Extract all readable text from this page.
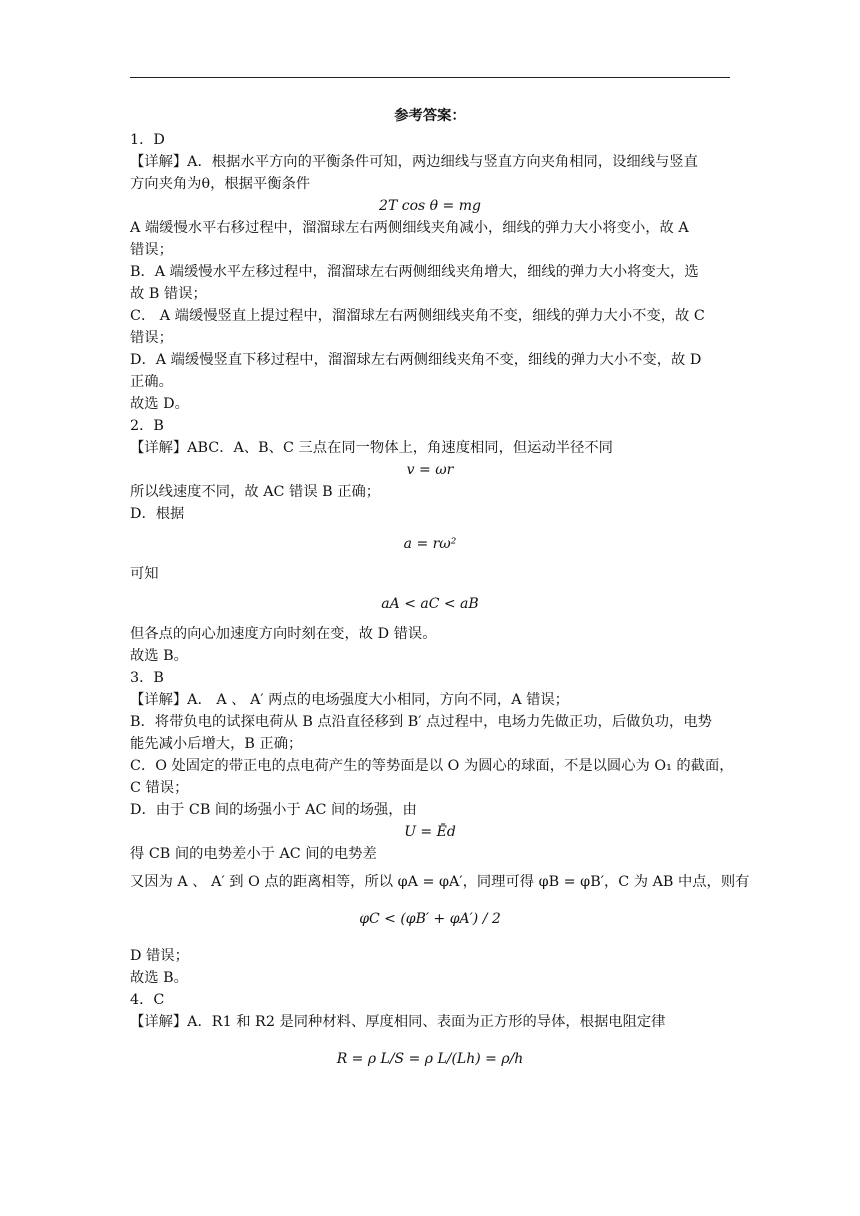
参考答案：
1．D
【详解】A．根据水平方向的平衡条件可知，两边细线与竖直方向夹角相同，设细线与竖直
方向夹角为θ，根据平衡条件
2T cos θ = mg
A 端缓慢水平右移过程中，溜溜球左右两侧细线夹角减小，细线的弹力大小将变小，故 A
错误；
B．A 端缓慢水平左移过程中，溜溜球左右两侧细线夹角增大，细线的弹力大小将变大，选
故 B 错误；
C． A 端缓慢竖直上提过程中，溜溜球左右两侧细线夹角不变，细线的弹力大小不变，故 C
错误；
D．A 端缓慢竖直下移过程中，溜溜球左右两侧细线夹角不变，细线的弹力大小不变，故 D
正确。
故选 D。
2．B
【详解】ABC．A、B、C 三点在同一物体上，角速度相同，但运动半径不同
v = ωr
所以线速度不同，故 AC 错误 B 正确；
D．根据
a = rω²
可知
aA < aC < aB
但各点的向心加速度方向时刻在变，故 D 错误。
故选 B。
3．B
【详解】A． A 、 A′ 两点的电场强度大小相同，方向不同，A 错误；
B．将带负电的试探电荷从 B 点沿直径移到 B′ 点过程中，电场力先做正功，后做负功，电势
能先减小后增大，B 正确；
C．O 处固定的带正电的点电荷产生的等势面是以 O 为圆心的球面，不是以圆心为 O₁ 的截面，
C 错误；
D．由于 CB 间的场强小于 AC 间的场强，由
U = Ēd
得 CB 间的电势差小于 AC 间的电势差
又因为 A 、 A′ 到 O 点的距离相等，所以 φA = φA′，同理可得 φB = φB′，C 为 AB 中点，则有
φC < (φB′ + φA′) / 2
D 错误；
故选 B。
4．C
【详解】A．R1 和 R2 是同种材料、厚度相同、表面为正方形的导体，根据电阻定律
R = ρ L/S = ρ L/(Lh) = ρ/h
